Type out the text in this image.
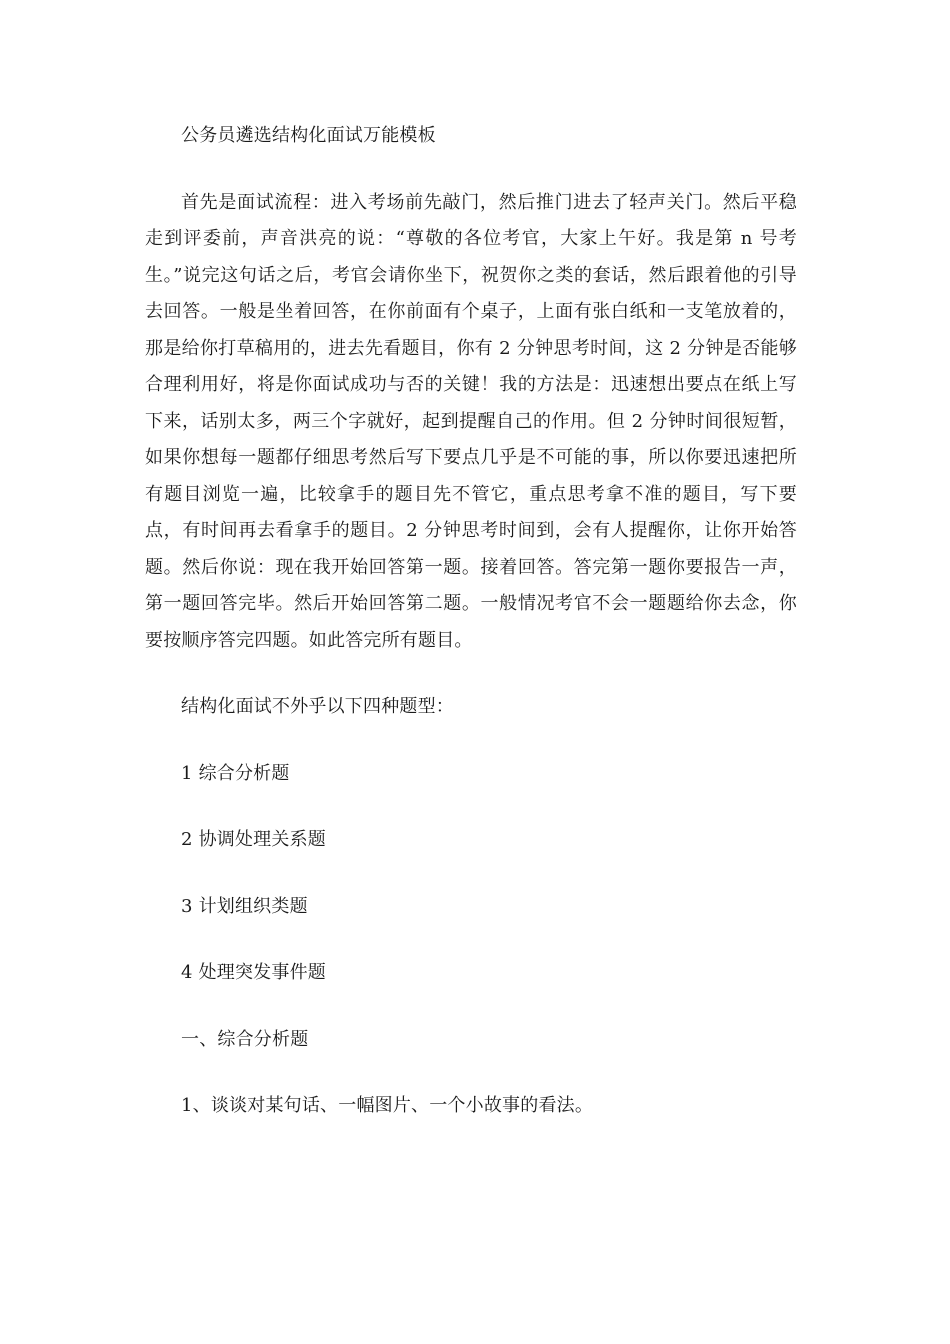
公务员遴选结构化面试万能模板

首先是面试流程：进入考场前先敲门，然后推门进去了轻声关门。然后平稳走到评委前，声音洪亮的说：“尊敬的各位考官，大家上午好。我是第 n 号考生。”说完这句话之后，考官会请你坐下，祝贺你之类的套话，然后跟着他的引导去回答。一般是坐着回答，在你前面有个桌子，上面有张白纸和一支笔放着的，那是给你打草稿用的，进去先看题目，你有 2 分钟思考时间，这 2 分钟是否能够合理利用好，将是你面试成功与否的关键！我的方法是：迅速想出要点在纸上写下来，话别太多，两三个字就好，起到提醒自己的作用。但 2 分钟时间很短暂，如果你想每一题都仔细思考然后写下要点几乎是不可能的事，所以你要迅速把所有题目浏览一遍，比较拿手的题目先不管它，重点思考拿不准的题目，写下要点，有时间再去看拿手的题目。2 分钟思考时间到，会有人提醒你，让你开始答题。然后你说：现在我开始回答第一题。接着回答。答完第一题你要报告一声，第一题回答完毕。然后开始回答第二题。一般情况考官不会一题题给你去念，你要按顺序答完四题。如此答完所有题目。

结构化面试不外乎以下四种题型：

1 综合分析题

2 协调处理关系题

3 计划组织类题

4 处理突发事件题

一、综合分析题

1、谈谈对某句话、一幅图片、一个小故事的看法。
